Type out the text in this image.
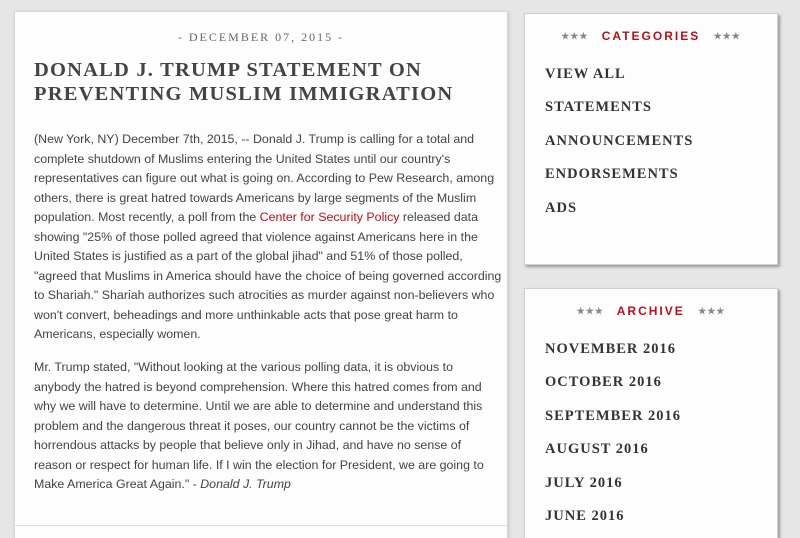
- DECEMBER 07, 2015 -
DONALD J. TRUMP STATEMENT ON PREVENTING MUSLIM IMMIGRATION

(New York, NY) December 7th, 2015, -- Donald J. Trump is calling for a total and complete shutdown of Muslims entering the United States until our country's representatives can figure out what is going on. According to Pew Research, among others, there is great hatred towards Americans by large segments of the Muslim population. Most recently, a poll from the Center for Security Policy released data showing "25% of those polled agreed that violence against Americans here in the United States is justified as a part of the global jihad" and 51% of those polled, "agreed that Muslims in America should have the choice of being governed according to Shariah." Shariah authorizes such atrocities as murder against non-believers who won't convert, beheadings and more unthinkable acts that pose great harm to Americans, especially women.

Mr. Trump stated, "Without looking at the various polling data, it is obvious to anybody the hatred is beyond comprehension. Where this hatred comes from and why we will have to determine. Until we are able to determine and understand this problem and the dangerous threat it poses, our country cannot be the victims of horrendous attacks by people that believe only in Jihad, and have no sense of reason or respect for human life. If I win the election for President, we are going to Make America Great Again." - Donald J. Trump

★★★ CATEGORIES ★★★
VIEW ALL
STATEMENTS
ANNOUNCEMENTS
ENDORSEMENTS
ADS
★★★ ARCHIVE ★★★
NOVEMBER 2016
OCTOBER 2016
SEPTEMBER 2016
AUGUST 2016
JULY 2016
JUNE 2016
